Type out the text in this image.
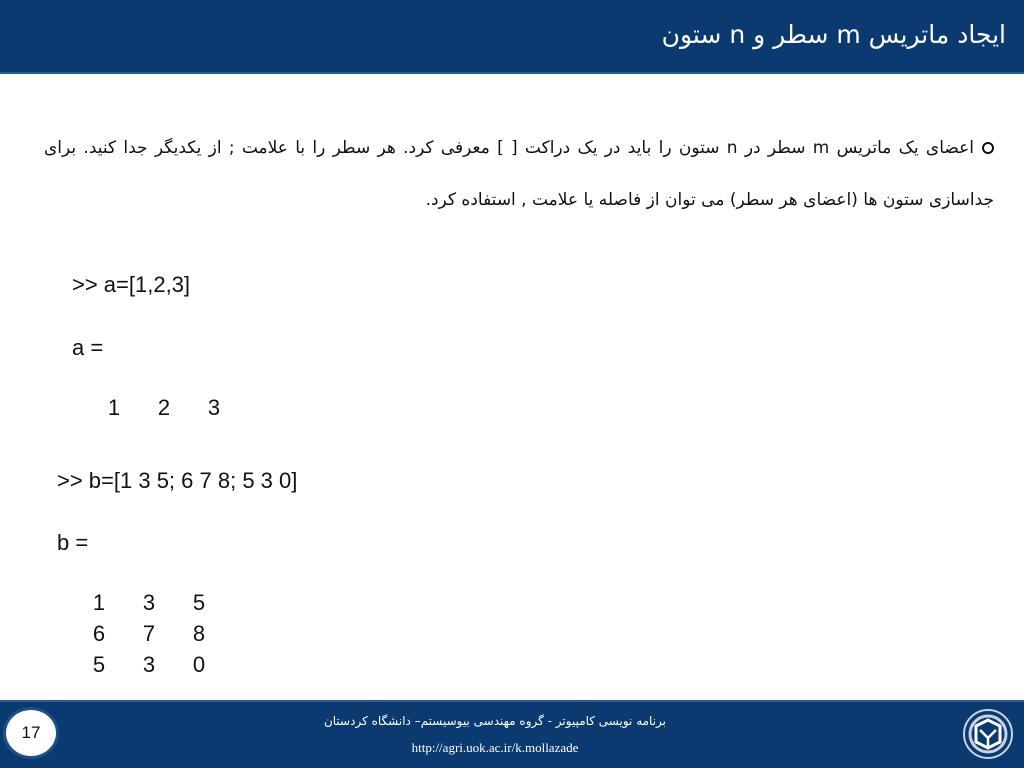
ایجاد ماتریس m سطر و n ستون
اعضای یک ماتریس m سطر در n ستون را باید در یک دراکت [ ] معرفی کرد. هر سطر را با علامت ; از یکدیگر جدا کنید. برای جداسازی ستون ها (اعضای هر سطر) می توان از فاصله یا علامت , استفاده کرد.
>> a=[1,2,3]
a =
1	2	3
>> b=[1 3 5; 6 7 8; 5 3 0]
b =
1	3	5
6	7	8
5	3	0
17
برنامه نویسی کامپیوتر - گروه مهندسی بیوسیستم– دانشگاه کردستان
http://agri.uok.ac.ir/k.mollazade
